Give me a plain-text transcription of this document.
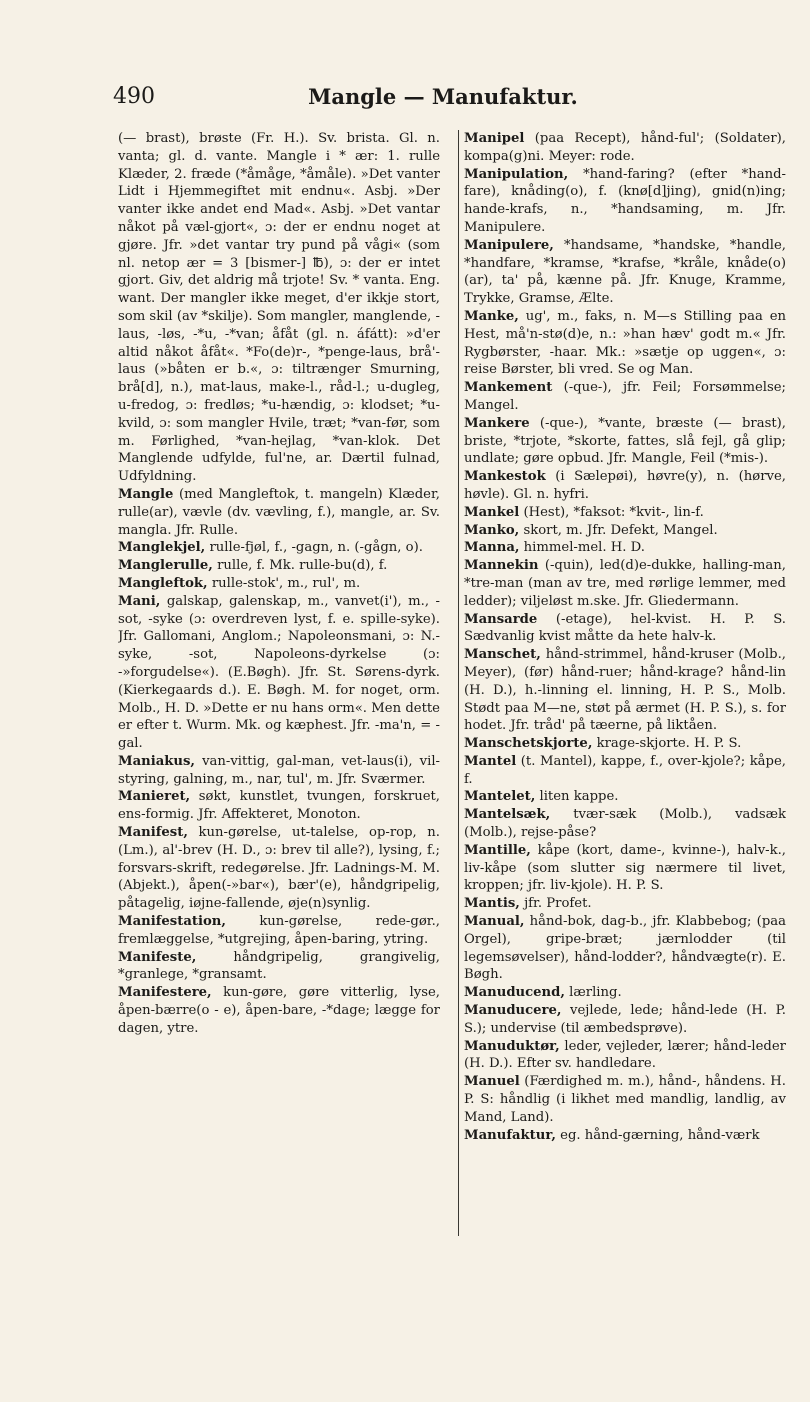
490	Mangle — Manufaktur.

(— brast), brøste (Fr. H.). Sv. brista. Gl. n. vanta; gl. d. vante. Mangle i * ær: 1. rulle Klæder, 2. fræde (*åmåge, *åmåle). »Det vanter Lidt i Hjemmegiftet mit endnu«. Asbj. »Der vanter ikke andet end Mad«. Asbj. »Det vantar nåkot på væl-gjort«, ɔ: der er endnu noget at gjøre. Jfr. »det vantar try pund på vågi« (som nl. netop ær = 3 [bismer-] ℔), ɔ: der er intet gjort. Giv, det aldrig må trjote! Sv. * vanta. Eng. want. Der mangler ikke meget, d'er ikkje stort, som skil (av *skilje). Som mangler, manglende, -laus, -løs, -*u, -*van; åfåt (gl. n. áfátt): »d'er altid nåkot åfåt«. *Fo(de)r-, *penge-laus, brå'-laus (»båten er b.«, ɔ: tiltrænger Smurning, brå[d], n.), mat-laus, make-l., råd-l.; u-dugleg, u-fredog, ɔ: fredløs; *u-hændig, ɔ: klodset; *u-kvild, ɔ: som mangler Hvile, træt; *van-før, som m. Førlighed, *van-hejlag, *van-klok. Det Manglende udfylde, ful'ne, ar. Dærtil fulnad, Udfyldning.

Mangle (med Mangleftok, t. mangeln) Klæder, rulle(ar), vævle (dv. vævling, f.), mangle, ar. Sv. mangla. Jfr. Rulle.

Manglekjel, rulle-fjøl, f., -gagn, n. (-gågn, o).

Manglerulle, rulle, f. Mk. rulle-bu(d), f.

Mangleftok, rulle-stok', m., rul', m.

Mani, galskap, galenskap, m., vanvet(i'), m., -sot, -syke (ɔ: overdreven lyst, f. e. spille-syke). Jfr. Gallomani, Anglom.; Napoleonsmani, ɔ: N.-syke, -sot, Napoleons-dyrkelse (ɔ: -»forgudelse«). (E.Bøgh). Jfr. St. Sørens-dyrk. (Kierkegaards d.). E. Bøgh. M. for noget, orm. Molb., H. D. »Dette er nu hans orm«. Men dette er efter t. Wurm. Mk. og kæphest. Jfr. -ma'n, = -gal.

Maniakus, van-vittig, gal-man, vet-laus(i), vil-styring, galning, m., nar, tul', m. Jfr. Sværmer.

Manieret, søkt, kunstlet, tvungen, forskruet, ens-formig. Jfr. Affekteret, Monoton.

Manifest, kun-gørelse, ut-talelse, op-rop, n. (Lm.), al'-brev (H. D., ɔ: brev til alle?), lysing, f.; forsvars-skrift, redegørelse. Jfr. Ladnings-M. M. (Abjekt.), åpen(-»bar«), bær'(e), håndgripelig, påtagelig, iøjne-fallende, øje(n)synlig.

Manifestation,	kun-gørelse, rede-gør., fremlæggelse, *utgrejing, åpen-baring, ytring.

Manifeste,	håndgripelig, grangivelig, *granlege, *gransamt.

Manifestere, kun-gøre, gøre vitterlig, lyse, åpen-bærre(o - e), åpen-bare, -*dage; lægge for dagen, ytre.

Manipel (paa Recept), hånd-ful'; (Soldater), kompa(g)ni. Meyer: rode.

Manipulation, *hand-faring? (efter *hand-fare), knåding(o), f. (knø[d]jing), gnid(n)ing; hande-krafs, n., *handsaming, m. Jfr. Manipulere.

Manipulere, *handsame, *handske, *handle, *handfare, *kramse, *krafse, *kråle, knåde(o) (ar), ta' på, kænne på. Jfr. Knuge, Kramme, Trykke, Gramse, Ælte.

Manke, ug', m., faks, n. M—s Stilling paa en Hest, må'n-stø(d)e, n.: »han hæv' godt m.« Jfr. Rygbørster, -haar. Mk.: »sætje op uggen«, ɔ: reise Børster, bli vred. Se og Man.

Mankement (-que-), jfr. Feil; Forsømmelse; Mangel.

Mankere (-que-), *vante, bræste (— brast), briste, *trjote, *skorte, fattes, slå fejl, gå glip; undlate; gøre opbud. Jfr. Mangle, Feil (*mis-).

Mankestok (i Sælepøi), høvre(y), n. (hørve, høvle). Gl. n. hyfri.

Mankel (Hest), *faksot: *kvit-, lin-f.

Manko, skort, m. Jfr. Defekt, Mangel.

Manna, himmel-mel. H. D.

Mannekin (-quin), led(d)e-dukke, halling-man, *tre-man (man av tre, med rørlige lemmer, med ledder); viljeløst m.ske. Jfr. Gliedermann.

Mansarde (-etage), hel-kvist. H. P. S. Sædvanlig kvist måtte da hete halv-k.

Manschet, hånd-strimmel, hånd-kruser (Molb., Meyer), (før) hånd-ruer; hånd-krage? hånd-lin (H. D.), h.-linning el. linning, H. P. S., Molb. Stødt paa M—ne, støt på ærmet (H. P. S.), s. for hodet. Jfr. tråd' på tæerne, på liktåen.

Manschetskjorte, krage-skjorte. H. P. S.

Mantel (t. Mantel), kappe, f., over-kjole?; kåpe, f.

Mantelet, liten kappe.

Mantelsæk, tvær-sæk (Molb.), vadsæk (Molb.), rejse-påse?

Mantille, kåpe (kort, dame-, kvinne-), halv-k., liv-kåpe (som slutter sig nærmere til livet, kroppen; jfr. liv-kjole). H. P. S.

Mantis, jfr. Profet.

Manual, hånd-bok, dag-b., jfr. Klabbebog; (paa Orgel), gripe-bræt; jærnlodder (til legemsøvelser), hånd-lodder?, håndvægte(r). E. Bøgh.

Manuducend, lærling.

Manuducere, vejlede, lede; hånd-lede (H. P. S.); undervise (til æmbedsprøve).

Manuduktør, leder, vejleder, lærer; hånd-leder (H. D.). Efter sv. handledare.

Manuel (Færdighed m. m.), hånd-, håndens. H. P. S: håndlig (i likhet med mandlig, landlig, av Mand, Land).

Manufaktur, eg. hånd-gærning, hånd-værk
